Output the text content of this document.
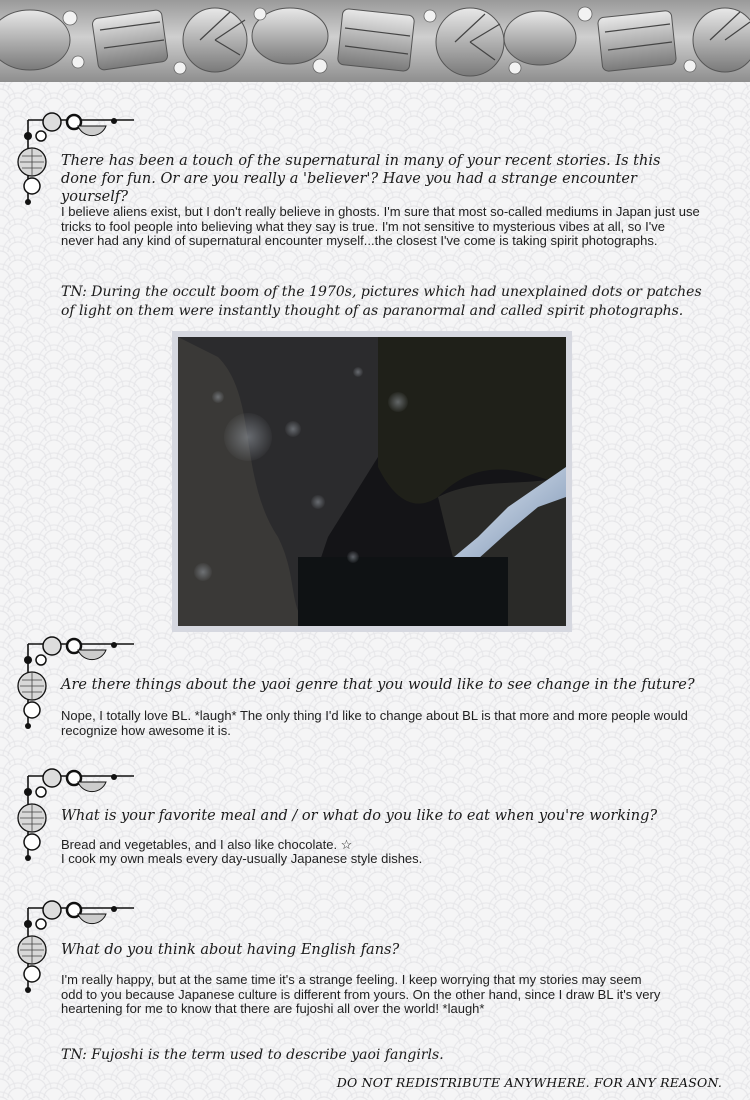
There has been a touch of the supernatural in many of your recent stories. Is this done for fun. Or are you really a 'believer'? Have you had a strange encounter yourself?

I believe aliens exist, but I don't really believe in ghosts. I'm sure that most so-called mediums in Japan just use tricks to fool people into believing what they say is true. I'm not sensitive to mysterious vibes at all, so I've never had any kind of supernatural encounter myself...the closest I've come is taking spirit photographs.

TN: During the occult boom of the 1970s, pictures which had unexplained dots or patches of light on them were instantly thought of as paranormal and called spirit photographs.

Are there things about the yaoi genre that you would like to see change in the future?

Nope, I totally love BL. *laugh* The only thing I'd like to change about BL is that more and more people would recognize how awesome it is.

What is your favorite meal and / or what do you like to eat when you're working?

Bread and vegetables, and I also like chocolate. ☆

I cook my own meals every day-usually Japanese style dishes.

What do you think about having English fans?

I'm really happy, but at the same time it's a strange feeling. I keep worrying that my stories may seem odd to you because Japanese culture is different from yours. On the other hand, since I draw BL it's very heartening for me to know that there are fujoshi all over the world! *laugh*

TN: Fujoshi is the term used to describe yaoi fangirls.

DO NOT REDISTRIBUTE ANYWHERE. FOR ANY REASON.
